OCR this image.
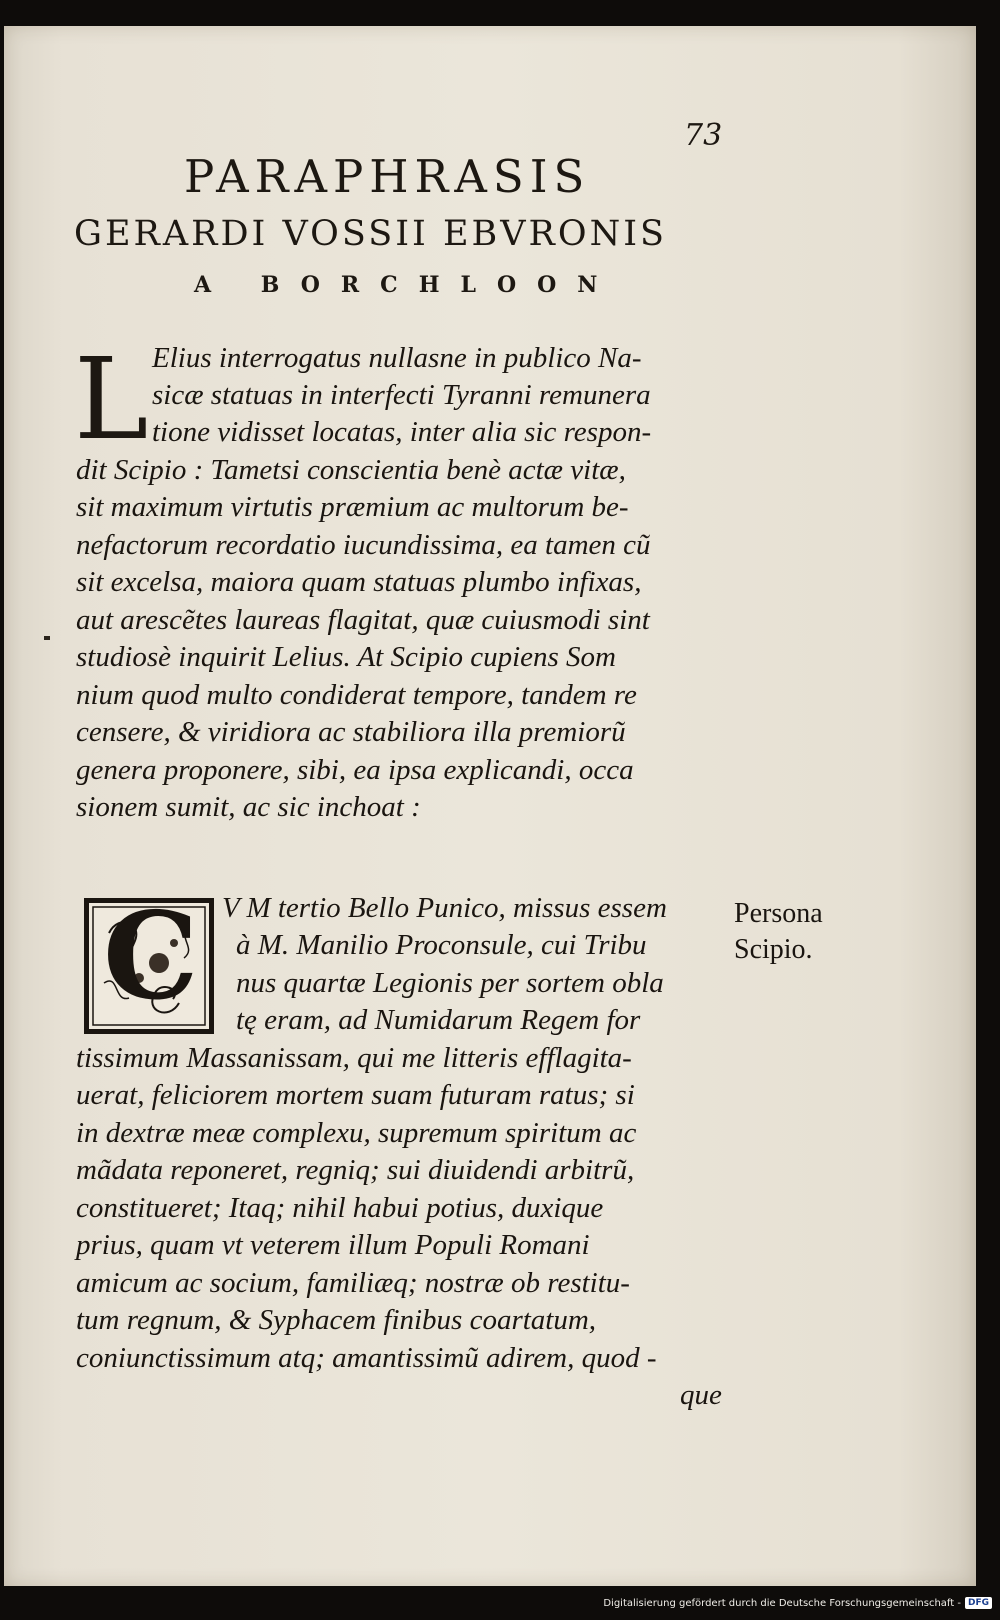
73
PARAPHRASIS
GERARDI VOSSII EBVRONIS
A BORCHLOON
L Elius interrogatus nullasne in publico Na-
sicæ statuas in interfecti Tyranni remunera
tione vidisset locatas, inter alia sic respon-
dit Scipio : Tametsi conscientia benè actæ vitæ,
sit maximum virtutis præmium ac multorum be-
nefactorum recordatio iucundissima, ea tamen cũ
sit excelsa, maiora quam statuas plumbo infixas,
aut arescẽtes laureas flagitat, quæ cuiusmodi sint
studiosè inquirit Lelius. At Scipio cupiens Som
nium quod multo condiderat tempore, tandem re
censere, & viridiora ac stabiliora illa premiorũ
genera proponere, sibi, ea ipsa explicandi, occa
sionem sumit, ac sic inchoat :
C V M tertio Bello Punico, missus essem
à M. Manilio Proconsule, cui Tribu
nus quartæ Legionis per sortem obla
tę eram, ad Numidarum Regem for
tissimum Massanissam, qui me litteris efflagita-
uerat, feliciorem mortem suam futuram ratus; si
in dextræ meæ complexu, supremum spiritum ac
mãdata reponeret, regniq; sui diuidendi arbitrũ,
constitueret; Itaq; nihil habui potius, duxique
prius, quam vt veterem illum Populi Romani
amicum ac socium, familiæq; nostræ ob restitu-
tum regnum, & Syphacem finibus coartatum,
coniunctissimum atq; amantissimũ adirem, quod -
que
Persona
Scipio.
Digitalisierung gefördert durch die Deutsche Forschungsgemeinschaft - DFG
